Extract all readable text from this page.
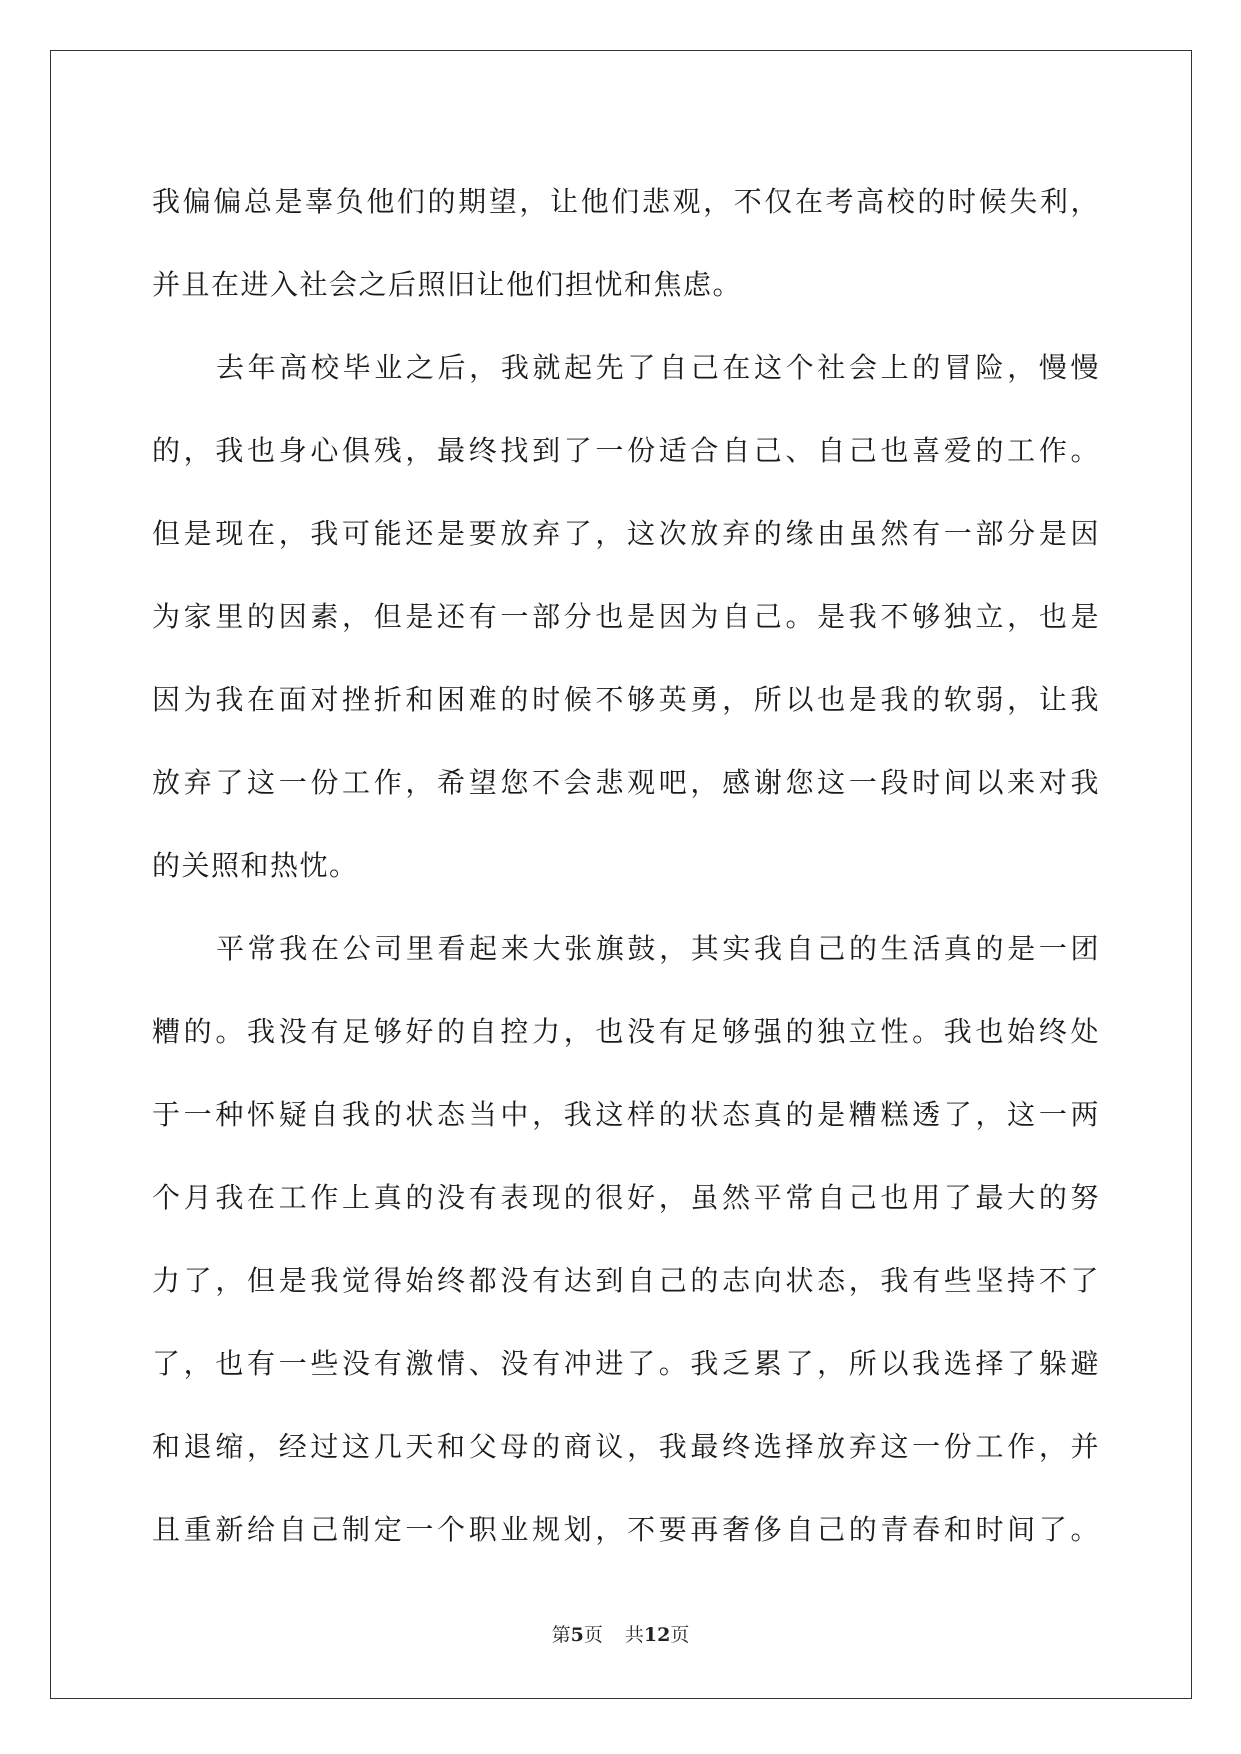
我偏偏总是辜负他们的期望，让他们悲观，不仅在考高校的时候失利，
并且在进入社会之后照旧让他们担忧和焦虑。
去年高校毕业之后，我就起先了自己在这个社会上的冒险，慢慢
的，我也身心俱残，最终找到了一份适合自己、自己也喜爱的工作。
但是现在，我可能还是要放弃了，这次放弃的缘由虽然有一部分是因
为家里的因素，但是还有一部分也是因为自己。是我不够独立，也是
因为我在面对挫折和困难的时候不够英勇，所以也是我的软弱，让我
放弃了这一份工作，希望您不会悲观吧，感谢您这一段时间以来对我
的关照和热忱。
平常我在公司里看起来大张旗鼓，其实我自己的生活真的是一团
糟的。我没有足够好的自控力，也没有足够强的独立性。我也始终处
于一种怀疑自我的状态当中，我这样的状态真的是糟糕透了，这一两
个月我在工作上真的没有表现的很好，虽然平常自己也用了最大的努
力了，但是我觉得始终都没有达到自己的志向状态，我有些坚持不了
了，也有一些没有激情、没有冲进了。我乏累了，所以我选择了躲避
和退缩，经过这几天和父母的商议，我最终选择放弃这一份工作，并
且重新给自己制定一个职业规划，不要再奢侈自己的青春和时间了。
第5页 共12页
